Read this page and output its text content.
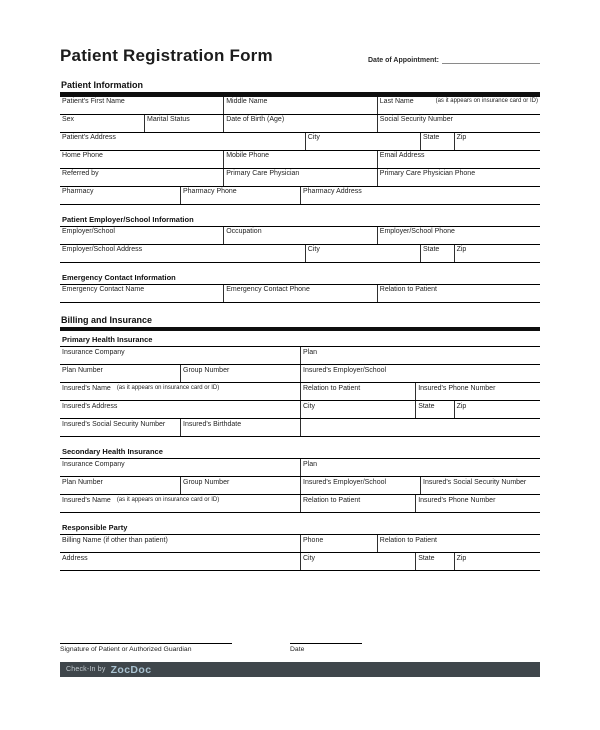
Patient Registration Form	Date of Appointment:
Patient Information
Patient's First Name	Middle Name	Last Name	(as it appears on insurance card or ID)
Sex	Marital Status	Date of Birth (Age)	Social Security Number
Patient's Address	City	State Zip
Home Phone	Mobile Phone	Email Address
Referred by	Primary Care Physician	Primary Care Physician Phone
Pharmacy	Pharmacy Phone	Pharmacy Address
Patient Employer/School Information
Employer/School	Occupation	Employer/School Phone
Employer/School Address	City	State Zip
Emergency Contact Information
Emergency Contact Name	Emergency Contact Phone	Relation to Patient
Billing and Insurance
Primary Health Insurance
Insurance Company	Plan
Plan Number	Group Number	Insured's Employer/School
Insured's Name (as it appears on insurance card or ID)	Relation to Patient	Insured's Phone Number
Insured's Address	City	State	Zip
Insured's Social Security Number	Insured's Birthdate
Secondary Health Insurance
Insurance Company	Plan
Plan Number	Group Number	Insured's Employer/School	Insured's Social Security Number
Insured's Name (as it appears on insurance card or ID)	Relation to Patient	Insured's Phone Number
Responsible Party
Billing Name (if other than patient)	Phone	Relation to Patient
Address	City	State	Zip
Signature of Patient or Authorized Guardian	Date
Check-In by ZocDoc
